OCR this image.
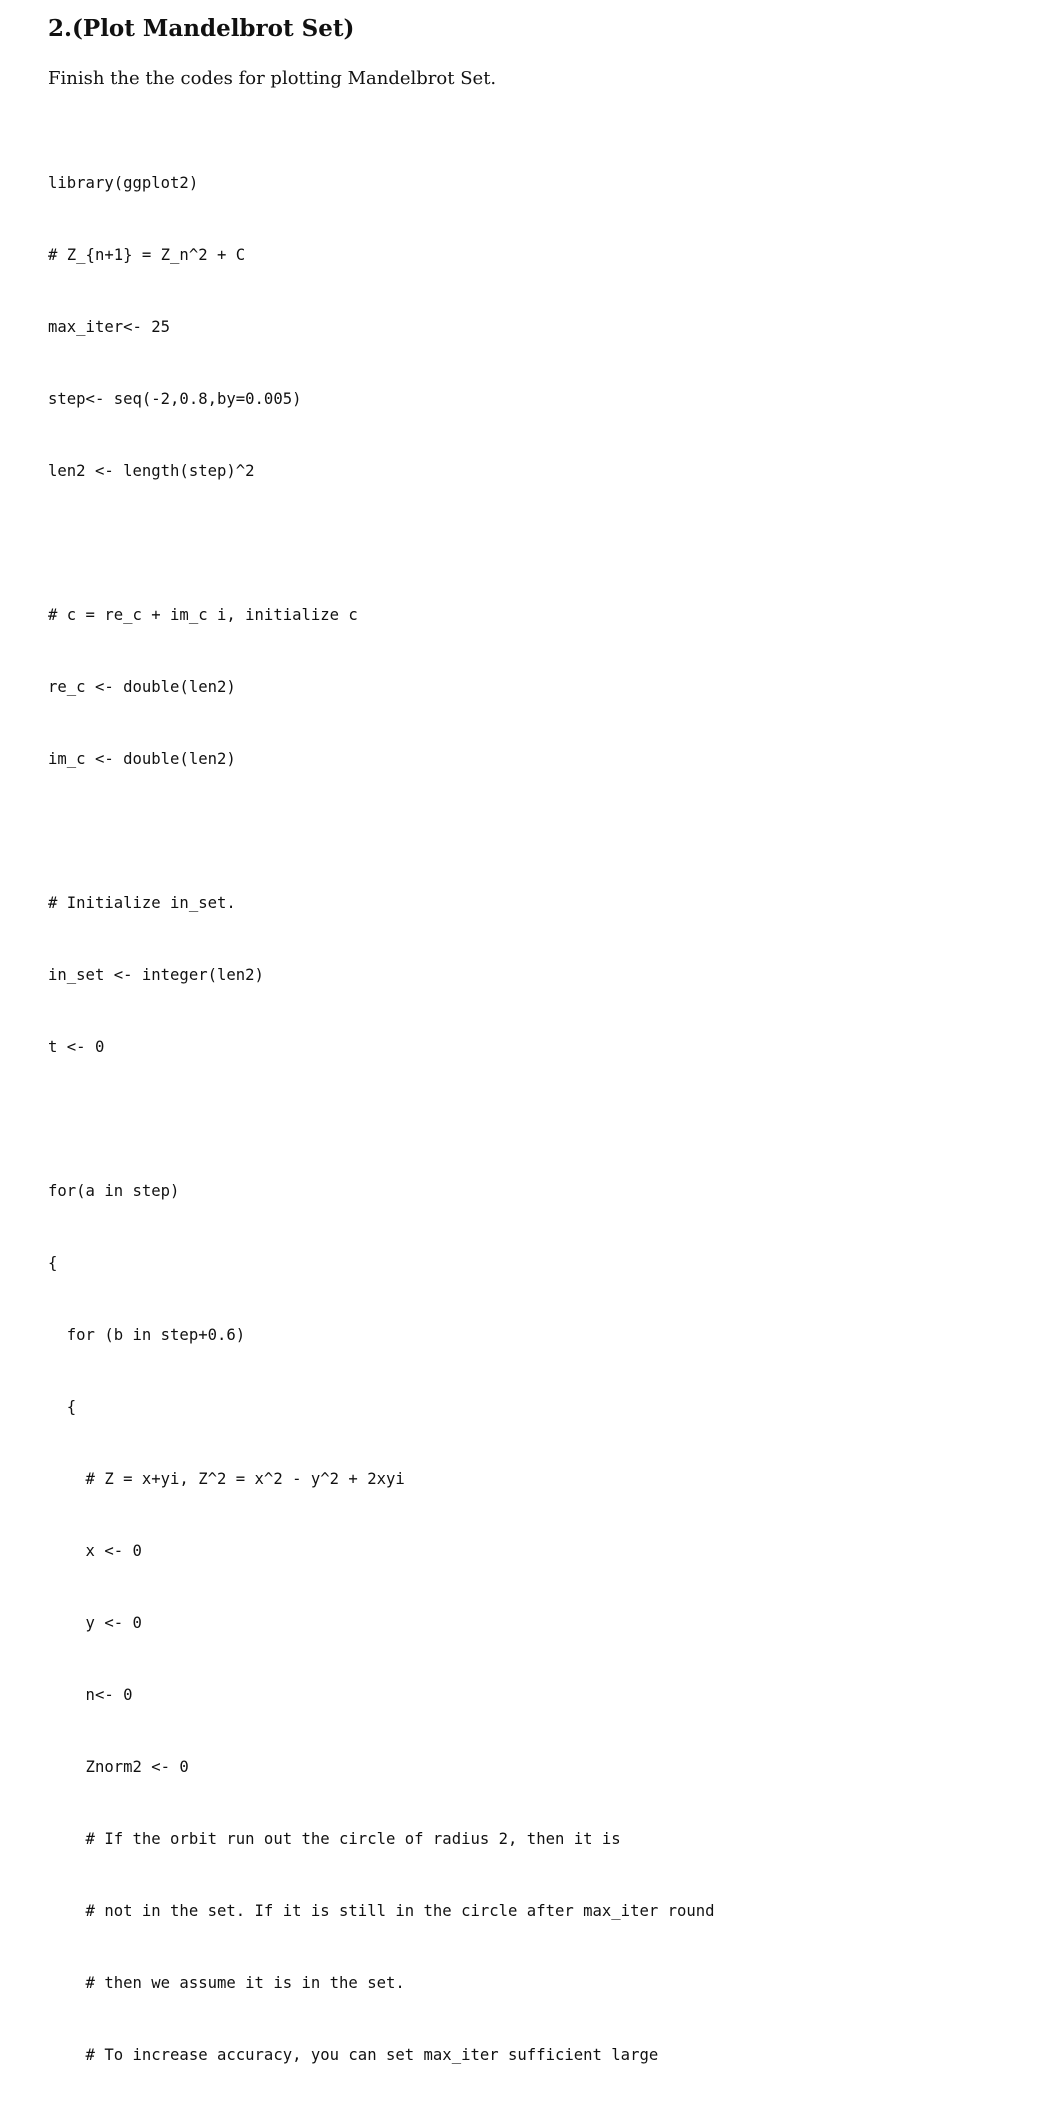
2.(Plot Mandelbrot Set)

Finish the the codes for plotting Mandelbrot Set.

library(ggplot2)

# Z_{n+1} = Z_n^2 + C

max_iter<- 25

step<- seq(-2,0.8,by=0.005)

len2 <- length(step)^2

# c = re_c + im_c i, initialize c

re_c <- double(len2)

im_c <- double(len2)

# Initialize in_set.

in_set <- integer(len2)

t <- 0

for(a in step)

{

for (b in step+0.6)

{

# Z = x+yi, Z^2 = x^2 - y^2 + 2xyi

x <- 0

y <- 0

n<- 0

Znorm2 <- 0

# If the orbit run out the circle of radius 2, then it is

# not in the set. If it is still in the circle after max_iter round

# then we assume it is in the set.

# To increase accuracy, you can set max_iter sufficient large
